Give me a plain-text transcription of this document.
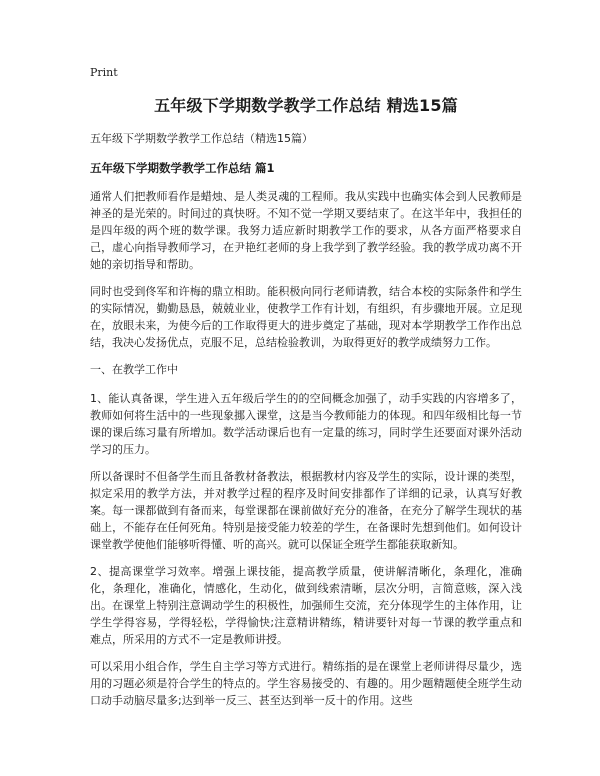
Print
五年级下学期数学教学工作总结 精选15篇
五年级下学期数学教学工作总结（精选15篇）
五年级下学期数学教学工作总结 篇1

通常人们把教师看作是蜡烛、是人类灵魂的工程师。我从实践中也确实体会到人民教师是神圣的是光荣的。时间过的真快呀。不知不觉一学期又要结束了。在这半年中，我担任的是四年级的两个班的数学课。我努力适应新时期教学工作的要求，从各方面严格要求自己，虚心向指导教师学习，在尹艳红老师的身上我学到了教学经验。我的教学成功离不开她的亲切指导和帮助。

同时也受到佟军和许梅的鼎立相助。能积极向同行老师请教，结合本校的实际条件和学生的实际情况，勤勤恳恳，兢兢业业，使教学工作有计划，有组织，有步骤地开展。立足现在，放眼未来，为使今后的工作取得更大的进步奠定了基础，现对本学期教学工作作出总结，我决心发扬优点，克服不足，总结检验教训，为取得更好的教学成绩努力工作。

一、在教学工作中

1、能认真备课，学生进入五年级后学生的的空间概念加强了，动手实践的内容增多了，教师如何将生活中的一些现象挪入课堂，这是当今教师能力的体现。和四年级相比每一节课的课后练习量有所增加。数学活动课后也有一定量的练习，同时学生还要面对课外活动学习的压力。

所以备课时不但备学生而且备教材备教法，根据教材内容及学生的实际，设计课的类型，拟定采用的教学方法，并对教学过程的程序及时间安排都作了详细的记录，认真写好教案。每一课都做到有备而来，每堂课都在课前做好充分的准备，在充分了解学生现状的基础上，不能存在任何死角。特别是接受能力较差的学生，在备课时先想到他们。如何设计课堂教学使他们能够听得懂、听的高兴。就可以保证全班学生都能获取新知。

2、提高课堂学习效率。增强上课技能，提高教学质量，使讲解清晰化，条理化，准确化，条理化，准确化，情感化，生动化，做到线索清晰，层次分明，言简意赅，深入浅出。在课堂上特别注意调动学生的积极性，加强师生交流，充分体现学生的主体作用，让学生学得容易，学得轻松，学得愉快;注意精讲精练，精讲要针对每一节课的教学重点和难点，所采用的方式不一定是教师讲授。

可以采用小组合作，学生自主学习等方式进行。精练指的是在课堂上老师讲得尽量少，选用的习题必须是符合学生的特点的。学生容易接受的、有趣的。用少题精题使全班学生动口动手动脑尽量多;达到举一反三、甚至达到举一反十的作用。这些
